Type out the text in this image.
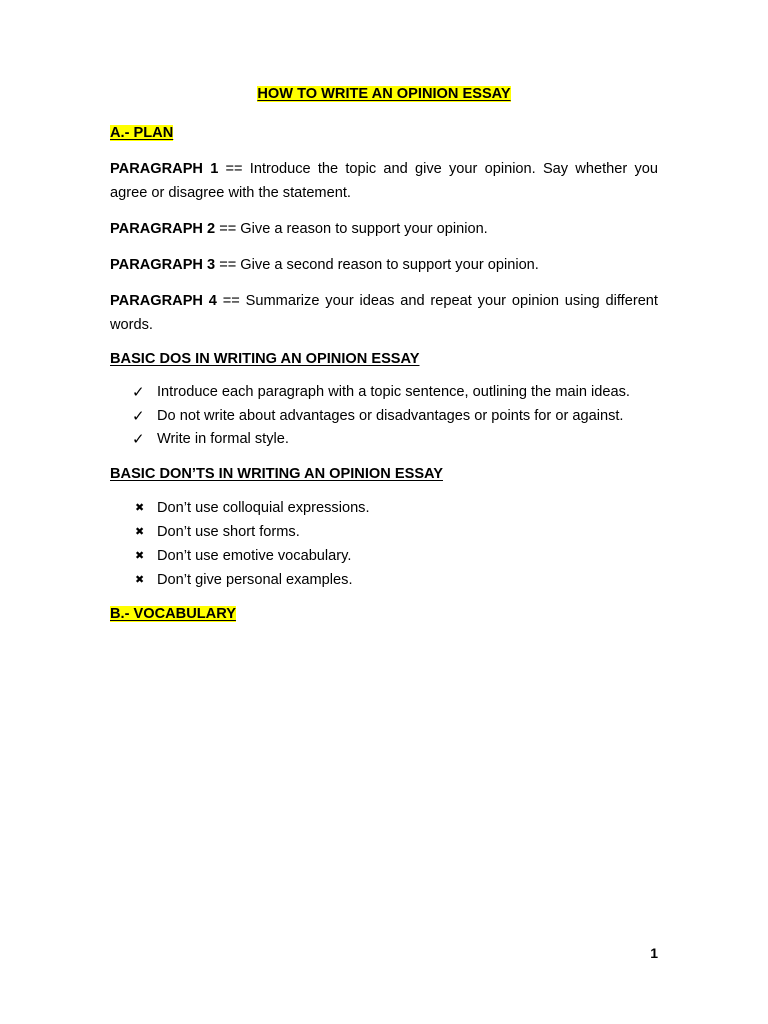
HOW TO WRITE AN OPINION ESSAY
A.- PLAN

PARAGRAPH 1 == Introduce the topic and give your opinion. Say whether you agree or disagree with the statement.

PARAGRAPH 2 == Give a reason to support your opinion.

PARAGRAPH 3 == Give a second reason to support your opinion.

PARAGRAPH 4 == Summarize your ideas and repeat your opinion using different words.

BASIC DOS IN WRITING AN OPINION ESSAY
✓ Introduce each paragraph with a topic sentence, outlining the main ideas.
✓ Do not write about advantages or disadvantages or points for or against.
✓ Write in formal style.
BASIC DON’TS IN WRITING AN OPINION ESSAY
✖ Don’t use colloquial expressions.
✖ Don’t use short forms.
✖ Don’t use emotive vocabulary.
✖ Don’t give personal examples.
B.- VOCABULARY
1
